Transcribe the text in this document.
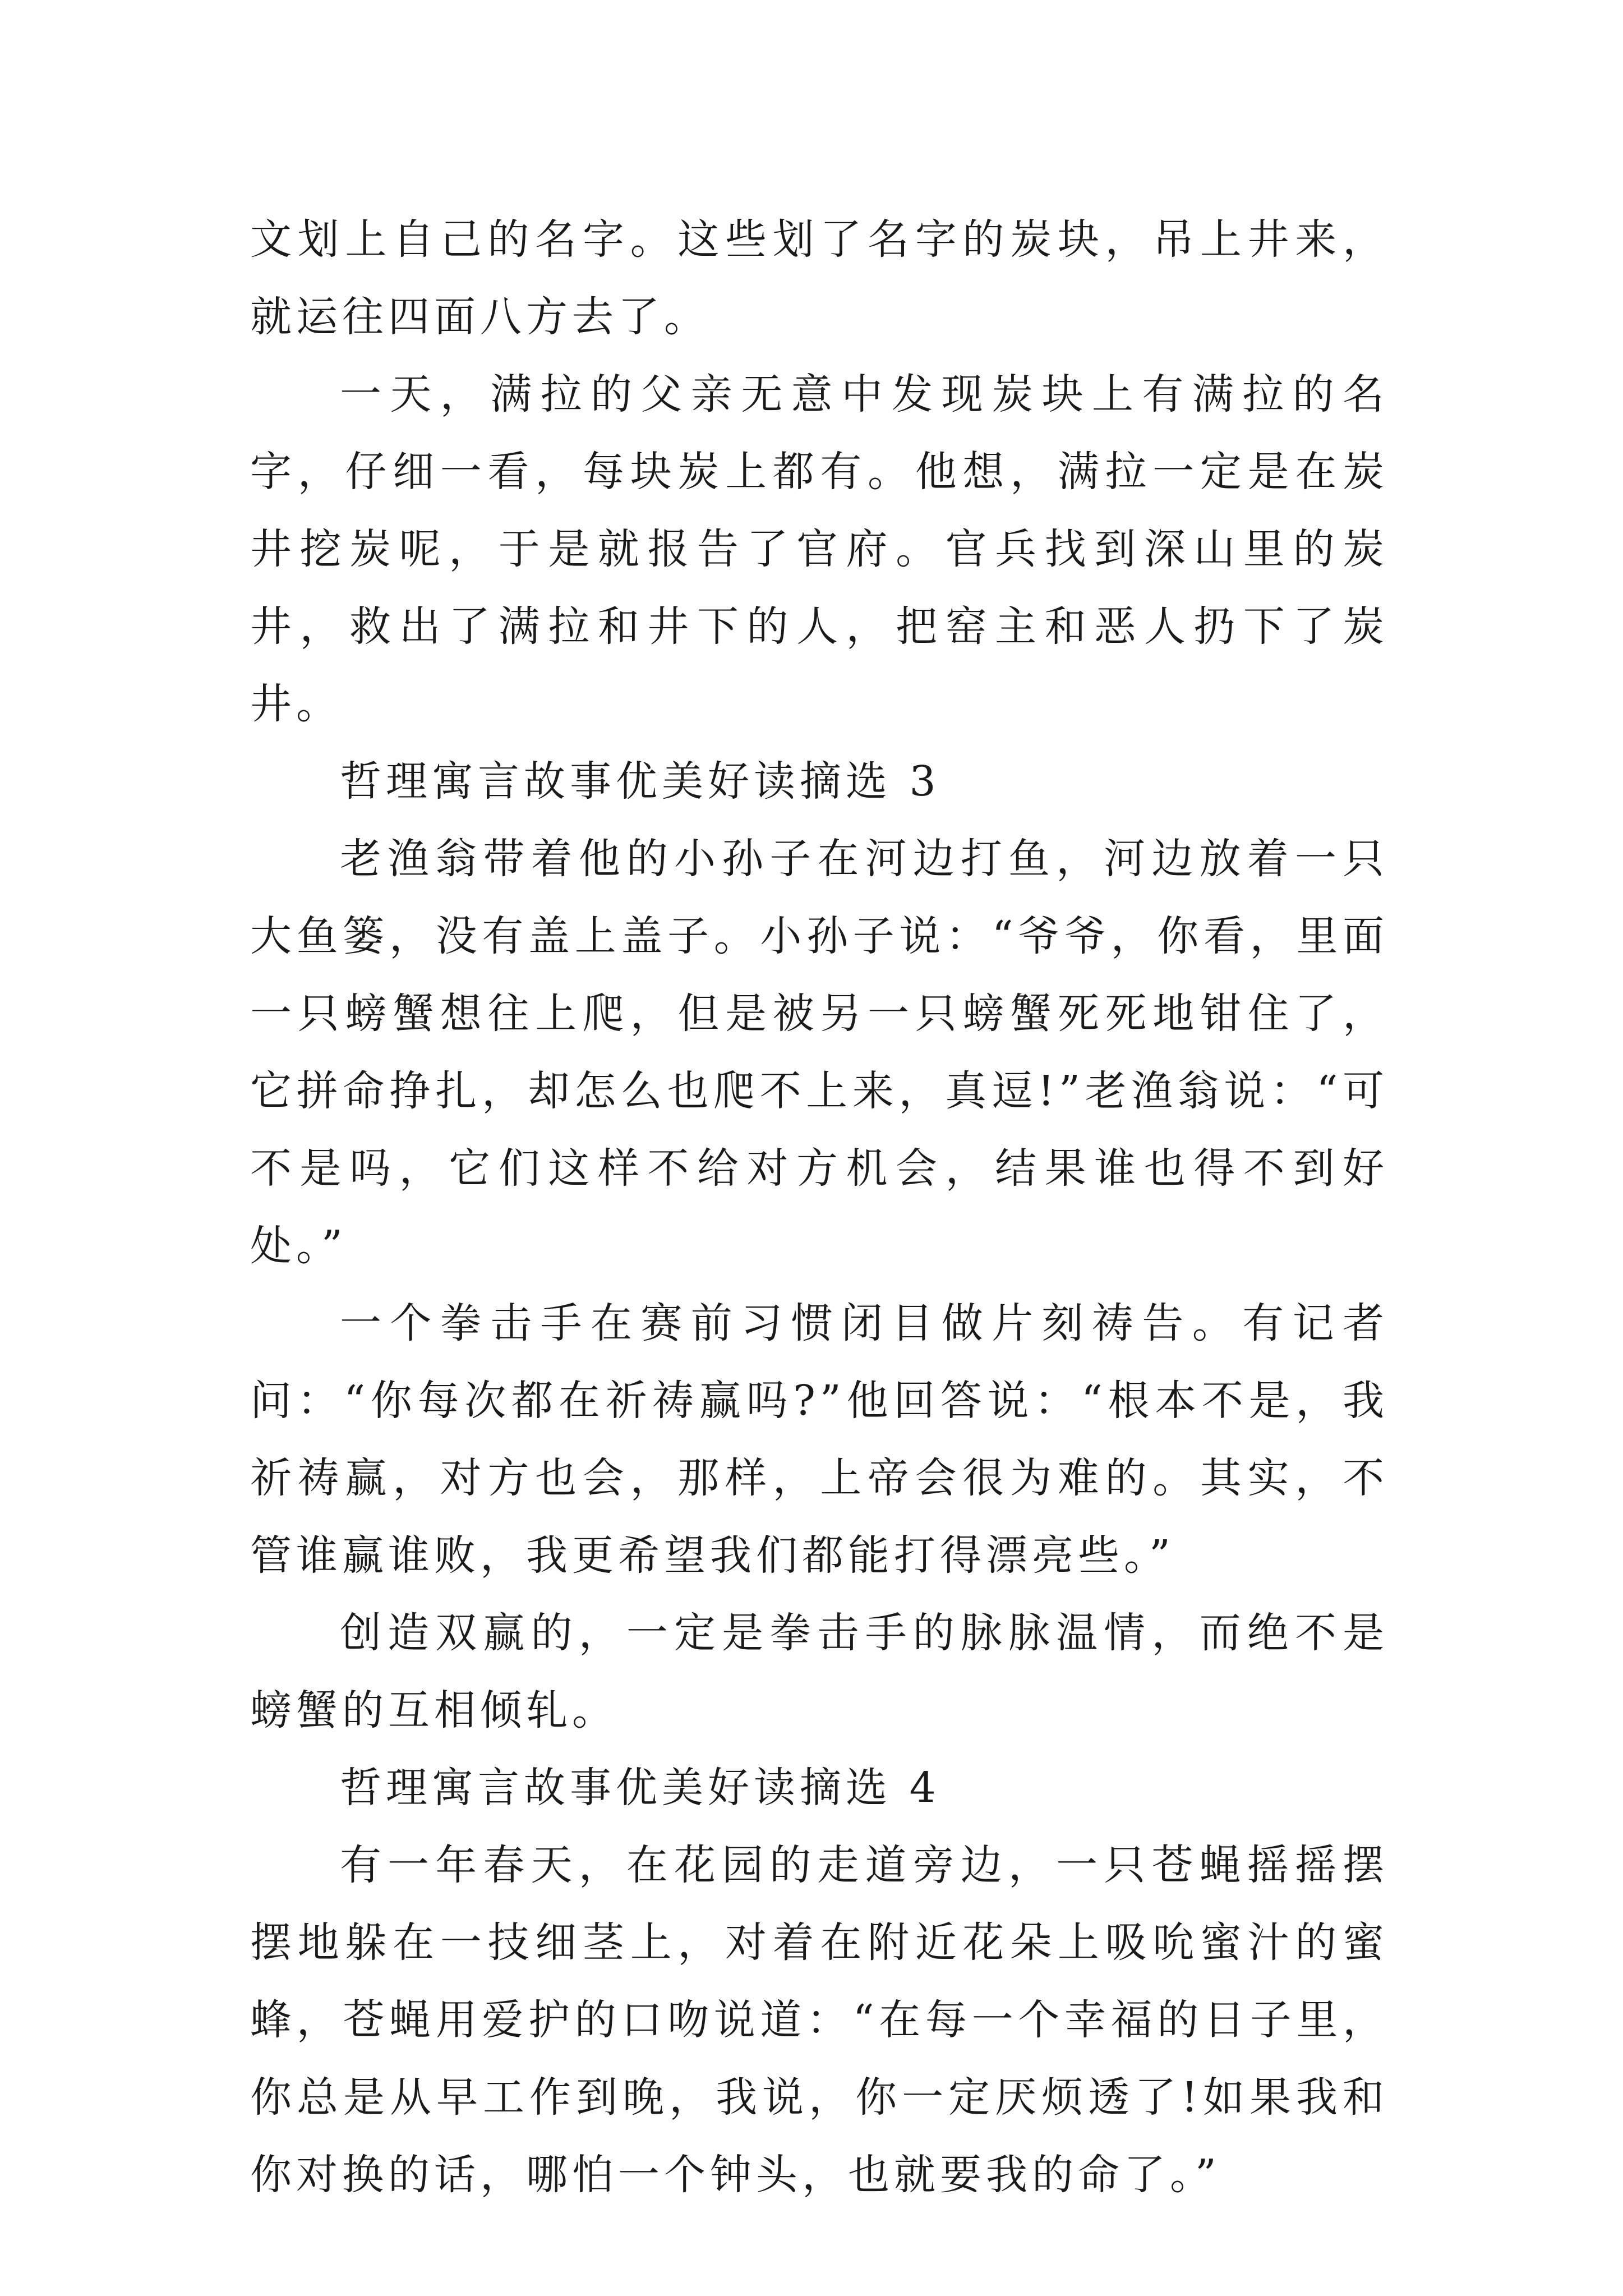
文划上自己的名字。这些划了名字的炭块，吊上井来，就运往四面八方去了。

一天，满拉的父亲无意中发现炭块上有满拉的名字，仔细一看，每块炭上都有。他想，满拉一定是在炭井挖炭呢，于是就报告了官府。官兵找到深山里的炭井，救出了满拉和井下的人，把窑主和恶人扔下了炭井。

哲理寓言故事优美好读摘选 3

老渔翁带着他的小孙子在河边打鱼，河边放着一只大鱼篓，没有盖上盖子。小孙子说：“爷爷，你看，里面一只螃蟹想往上爬，但是被另一只螃蟹死死地钳住了，它拼命挣扎，却怎么也爬不上来，真逗!”老渔翁说：“可不是吗，它们这样不给对方机会，结果谁也得不到好处。”

一个拳击手在赛前习惯闭目做片刻祷告。有记者问：“你每次都在祈祷赢吗?”他回答说：“根本不是，我祈祷赢，对方也会，那样，上帝会很为难的。其实，不管谁赢谁败，我更希望我们都能打得漂亮些。”

创造双赢的，一定是拳击手的脉脉温情，而绝不是螃蟹的互相倾轧。

哲理寓言故事优美好读摘选 4

有一年春天，在花园的走道旁边，一只苍蝇摇摇摆摆地躲在一技细茎上，对着在附近花朵上吸吮蜜汁的蜜蜂，苍蝇用爱护的口吻说道：“在每一个幸福的日子里，你总是从早工作到晚，我说，你一定厌烦透了!如果我和你对换的话，哪怕一个钟头，也就要我的命了。”
